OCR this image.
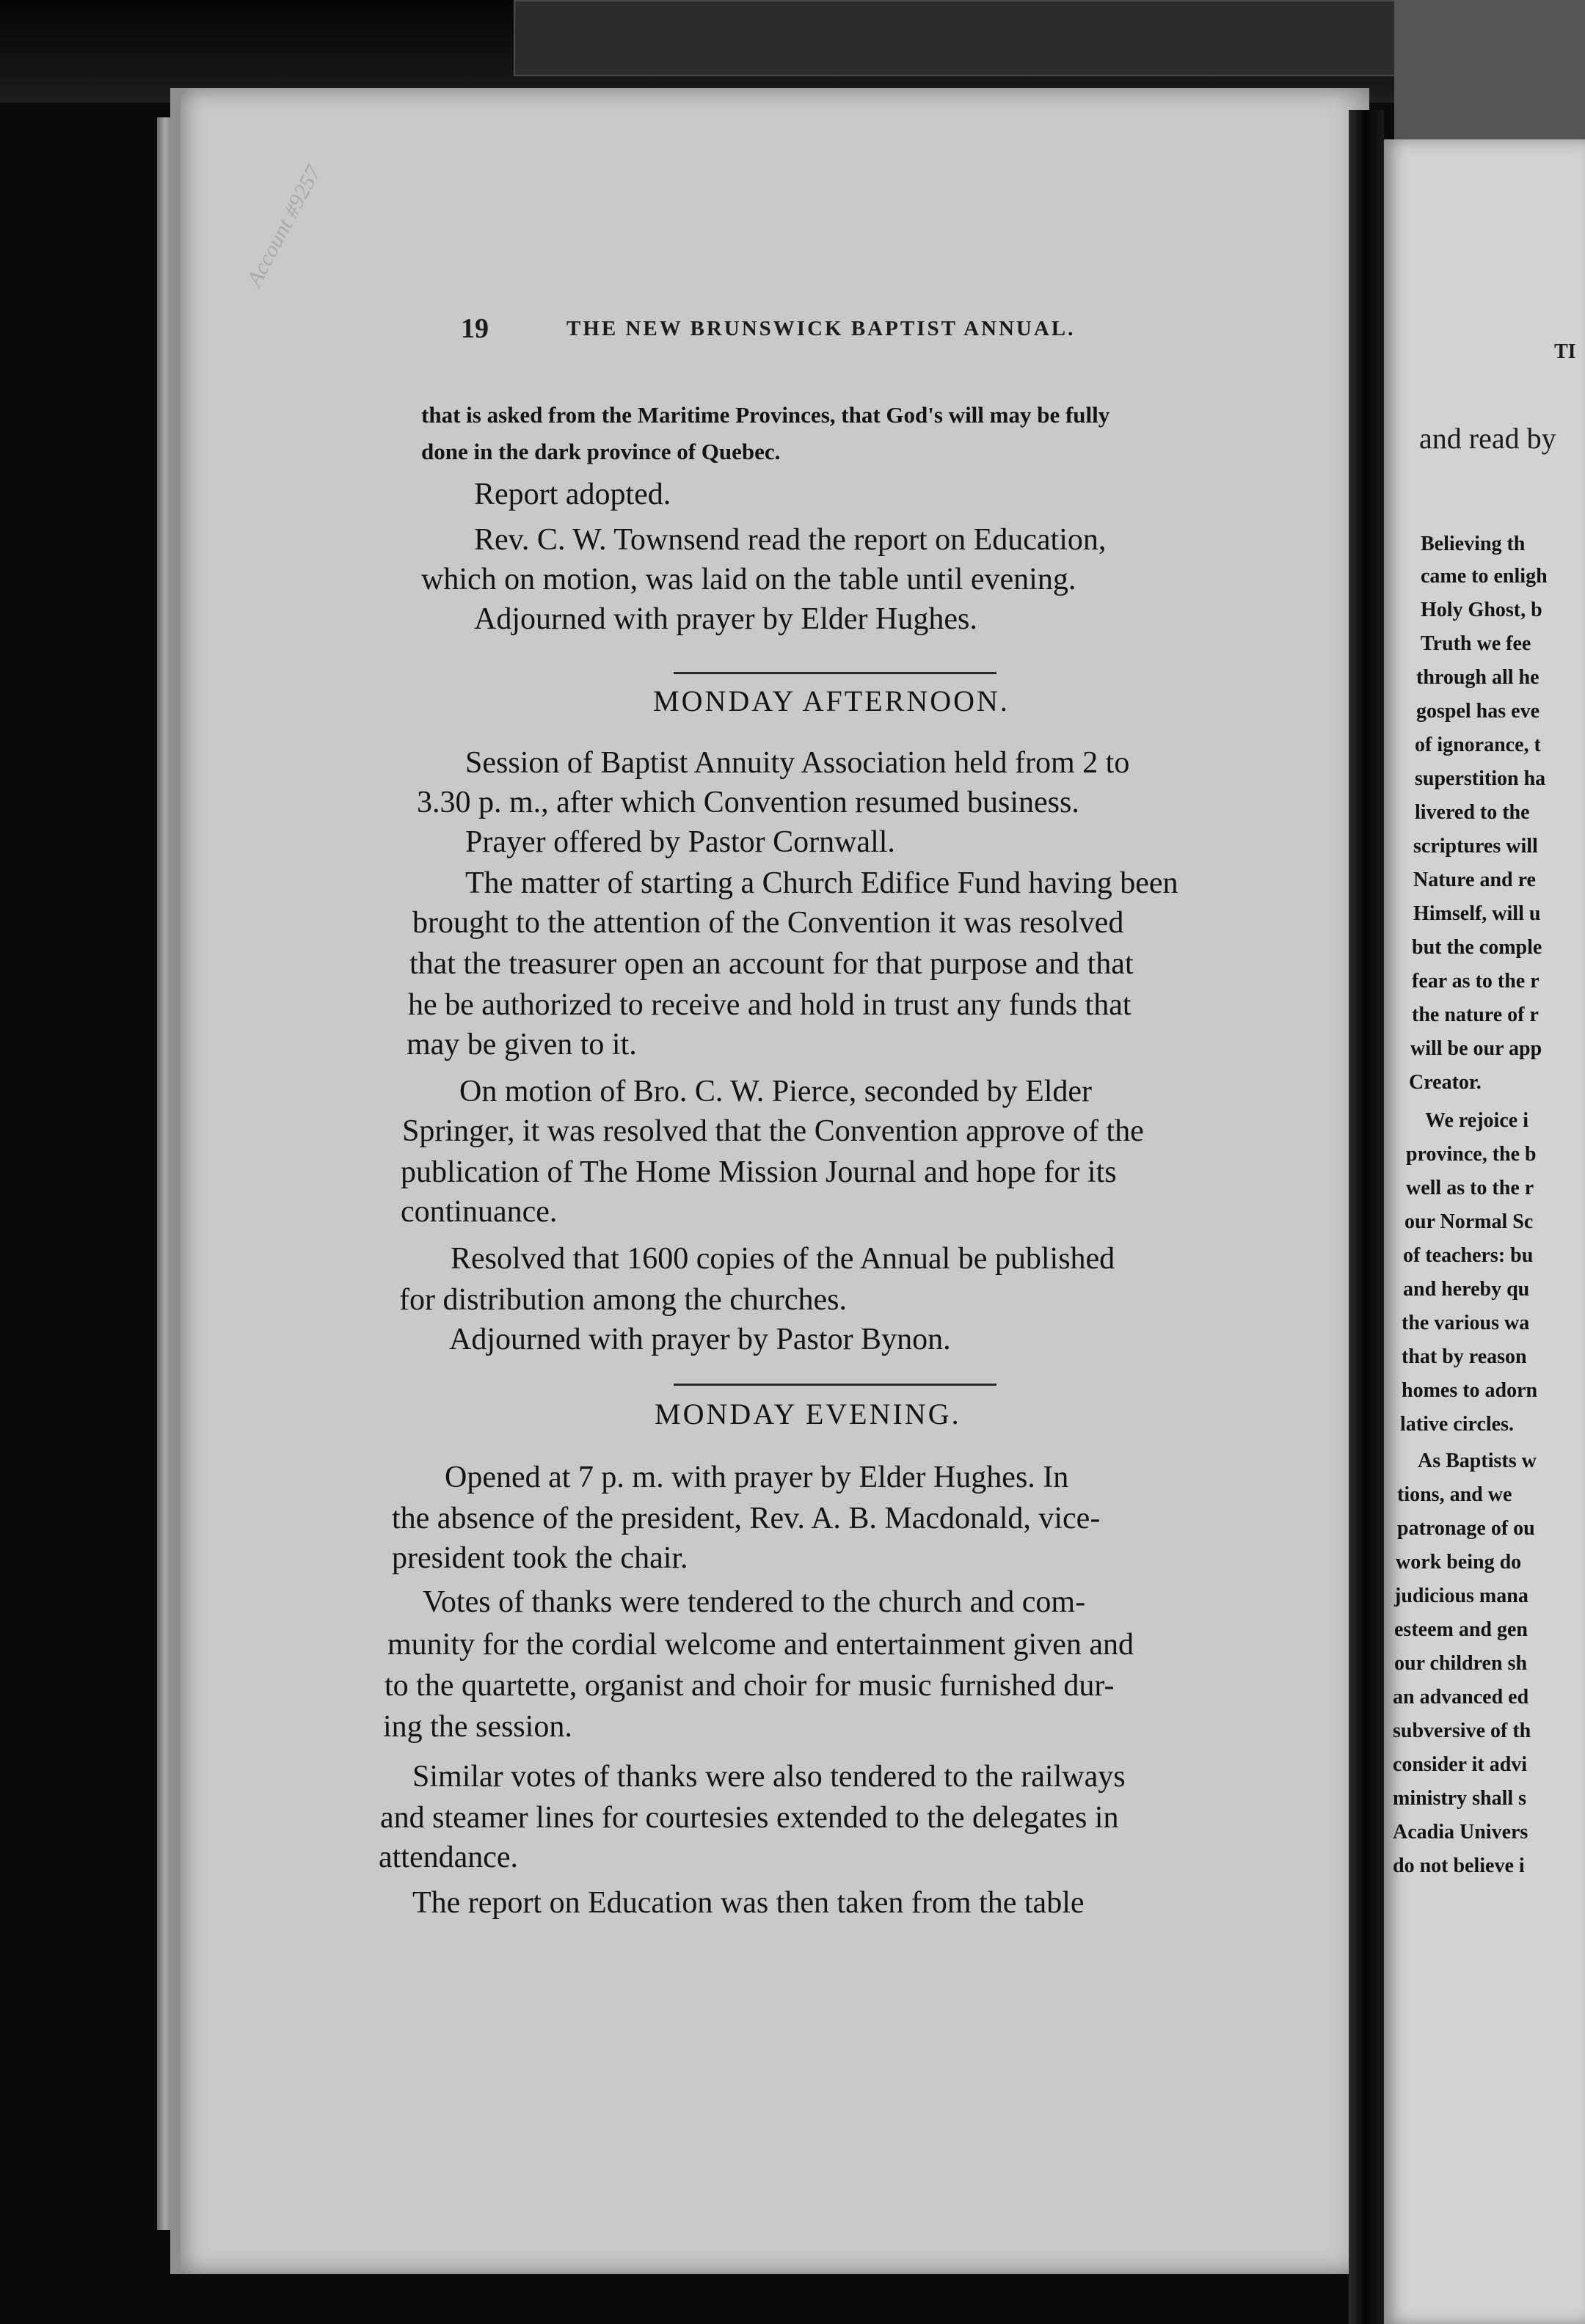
Account #9257
19	THE NEW BRUNSWICK BAPTIST ANNUAL.
that is asked from the Maritime Provinces, that God's will may be fully
done in the dark province of Quebec.
Report adopted.
Rev. C. W. Townsend read the report on Education,
which on motion, was laid on the table until evening.
Adjourned with prayer by Elder Hughes.
MONDAY AFTERNOON.
Session of Baptist Annuity Association held from 2 to
3.30 p. m., after which Convention resumed business.
Prayer offered by Pastor Cornwall.
The matter of starting a Church Edifice Fund having been
brought to the attention of the Convention it was resolved
that the treasurer open an account for that purpose and that
he be authorized to receive and hold in trust any funds that
may be given to it.
On motion of Bro. C. W. Pierce, seconded by Elder
Springer, it was resolved that the Convention approve of the
publication of The Home Mission Journal and hope for its
continuance.
Resolved that 1600 copies of the Annual be published
for distribution among the churches.
Adjourned with prayer by Pastor Bynon.
MONDAY EVENING.
Opened at 7 p. m. with prayer by Elder Hughes. In
the absence of the president, Rev. A. B. Macdonald, vice-
president took the chair.
Votes of thanks were tendered to the church and com-
munity for the cordial welcome and entertainment given and
to the quartette, organist and choir for music furnished dur-
ing the session.
Similar votes of thanks were also tendered to the railways
and steamer lines for courtesies extended to the delegates in
attendance.
The report on Education was then taken from the table
TI
and read by
Believing th
came to enligh
Holy Ghost, b
Truth we fee
through all he
gospel has eve
of ignorance, t
superstition ha
livered to the
scriptures will
Nature and re
Himself, will u
but the comple
fear as to the r
the nature of r
will be our app
Creator.
We rejoice i
province, the b
well as to the r
our Normal Sc
of teachers: bu
and hereby qu
the various wa
that by reason
homes to adorn
lative circles.
As Baptists w
tions, and we
patronage of ou
work being do
judicious mana
esteem and gen
our children sh
an advanced ed
subversive of th
consider it advi
ministry shall s
Acadia Univers
do not believe i
